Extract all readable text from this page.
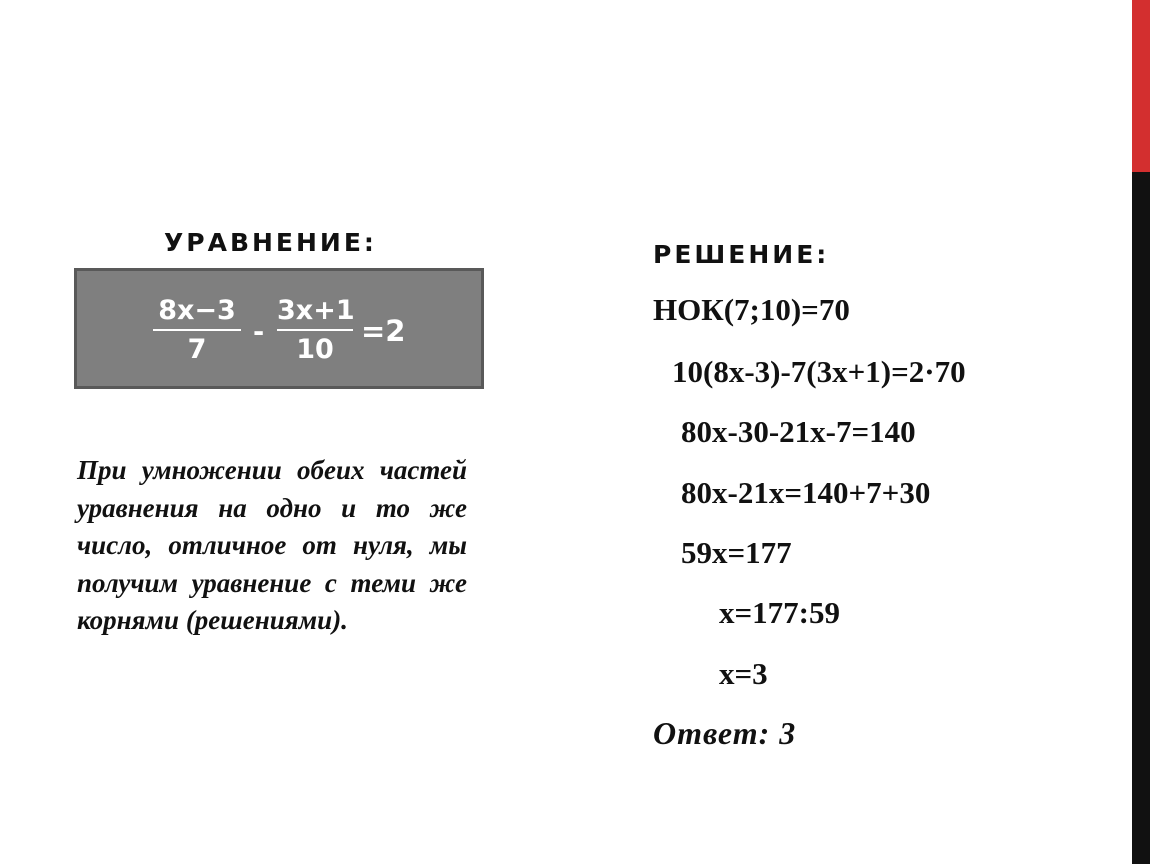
УРАВНЕНИЕ:
8x−3
7
-
3x+1
10
=2

При умножении обеих частей уравнения на одно и то же число, отличное от нуля, мы получим уравнение с теми же корнями (решениями).

РЕШЕНИЕ:

НОК(7;10)=70

10(8x-3)-7(3x+1)=2·70

80x-30-21x-7=140

80x-21x=140+7+30

59x=177

x=177:59

x=3

Ответ: 3
